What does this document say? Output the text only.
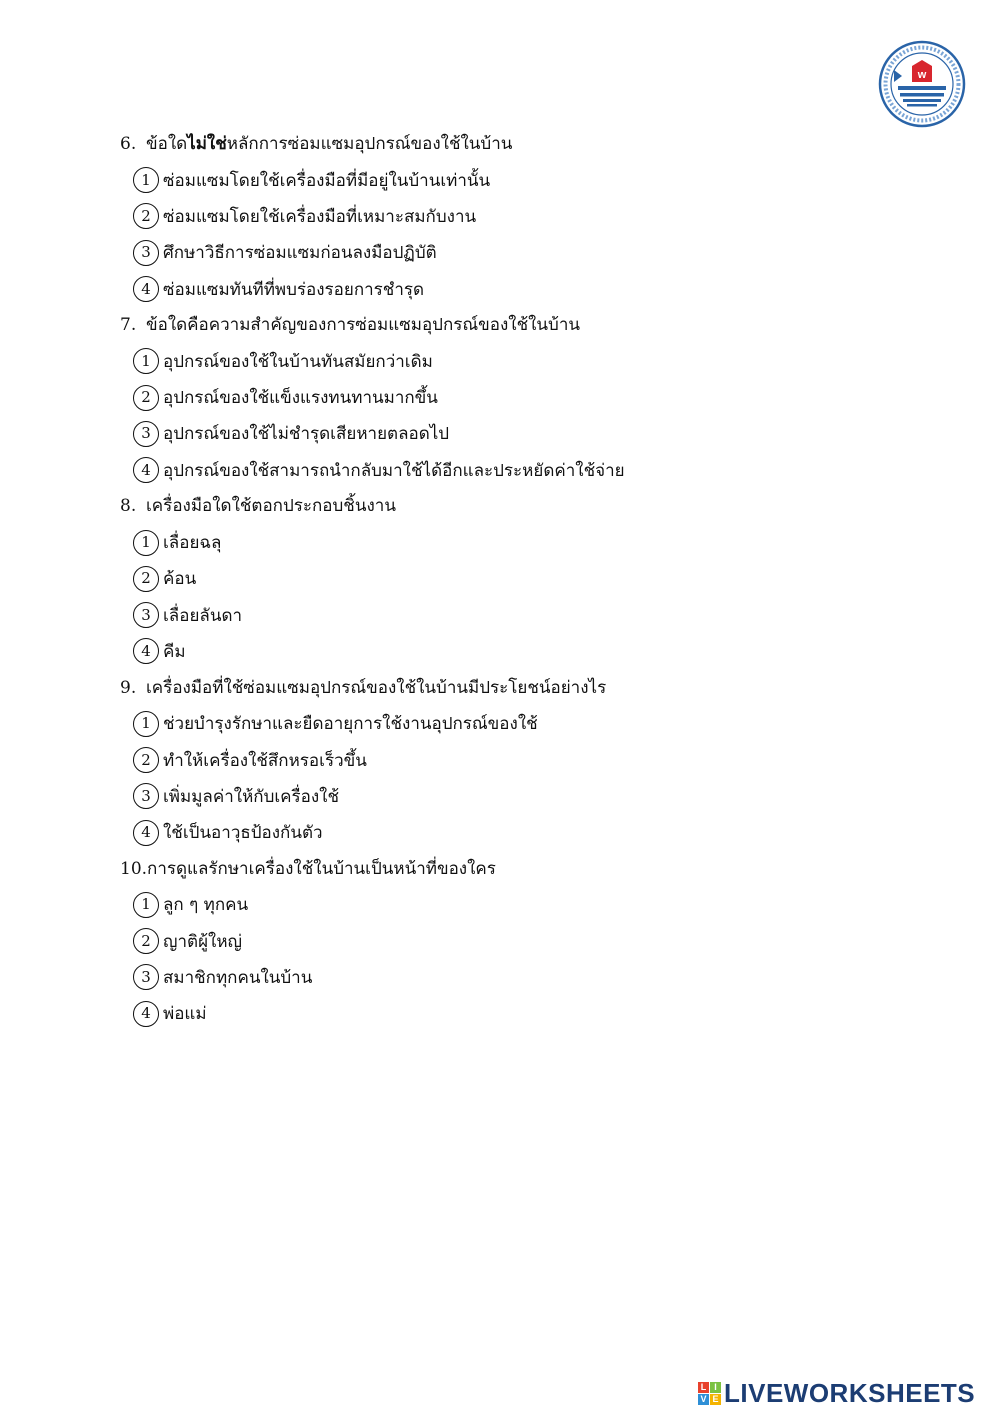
w
6. ข้อใดไม่ใช่หลักการซ่อมแซมอุปกรณ์ของใช้ในบ้าน
1 ซ่อมแซมโดยใช้เครื่องมือที่มีอยู่ในบ้านเท่านั้น
2 ซ่อมแซมโดยใช้เครื่องมือที่เหมาะสมกับงาน
3 ศึกษาวิธีการซ่อมแซมก่อนลงมือปฏิบัติ
4 ซ่อมแซมทันทีที่พบร่องรอยการชำรุด
7. ข้อใดคือความสำคัญของการซ่อมแซมอุปกรณ์ของใช้ในบ้าน
1 อุปกรณ์ของใช้ในบ้านทันสมัยกว่าเดิม
2 อุปกรณ์ของใช้แข็งแรงทนทานมากขึ้น
3 อุปกรณ์ของใช้ไม่ชำรุดเสียหายตลอดไป
4 อุปกรณ์ของใช้สามารถนำกลับมาใช้ได้อีกและประหยัดค่าใช้จ่าย
8. เครื่องมือใดใช้ตอกประกอบชิ้นงาน
1 เลื่อยฉลุ
2 ค้อน
3 เลื่อยลันดา
4 คีม
9. เครื่องมือที่ใช้ซ่อมแซมอุปกรณ์ของใช้ในบ้านมีประโยชน์อย่างไร
1 ช่วยบำรุงรักษาและยืดอายุการใช้งานอุปกรณ์ของใช้
2 ทำให้เครื่องใช้สึกหรอเร็วขึ้น
3 เพิ่มมูลค่าให้กับเครื่องใช้
4 ใช้เป็นอาวุธป้องกันตัว
10.การดูแลรักษาเครื่องใช้ในบ้านเป็นหน้าที่ของใคร
1 ลูก ๆ ทุกคน
2 ญาติผู้ใหญ่
3 สมาชิกทุกคนในบ้าน
4 พ่อแม่
L I
V E LIVEWORKSHEETS
